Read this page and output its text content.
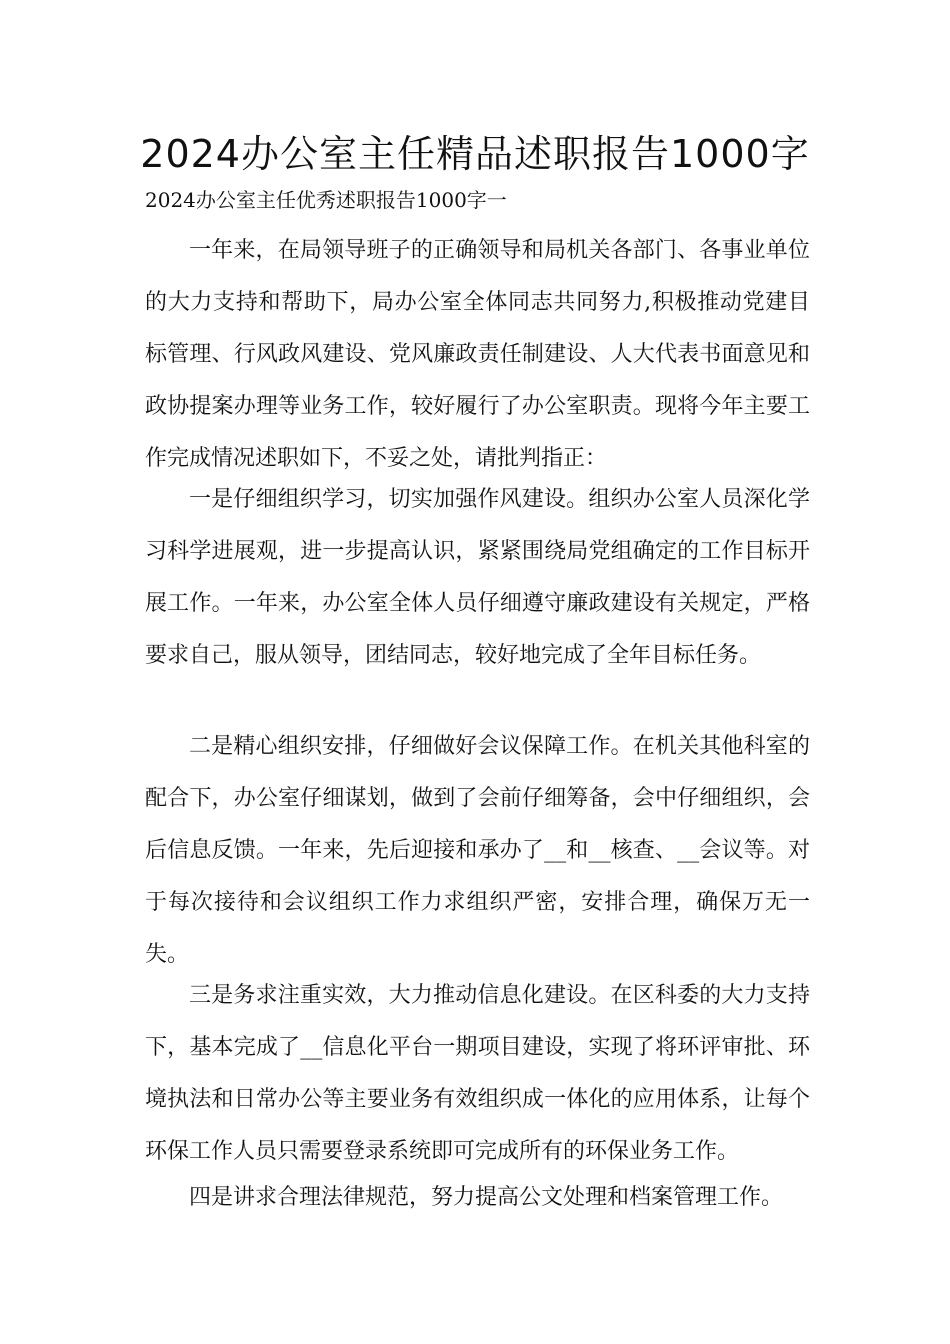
2024办公室主任精品述职报告1000字
2024办公室主任优秀述职报告1000字一

一年来，在局领导班子的正确领导和局机关各部门、各事业单位的大力支持和帮助下，局办公室全体同志共同努力,积极推动党建目标管理、行风政风建设、党风廉政责任制建设、人大代表书面意见和政协提案办理等业务工作，较好履行了办公室职责。现将今年主要工作完成情况述职如下，不妥之处，请批判指正：

一是仔细组织学习，切实加强作风建设。组织办公室人员深化学习科学进展观，进一步提高认识，紧紧围绕局党组确定的工作目标开展工作。一年来，办公室全体人员仔细遵守廉政建设有关规定，严格要求自己，服从领导，团结同志，较好地完成了全年目标任务。

二是精心组织安排，仔细做好会议保障工作。在机关其他科室的配合下，办公室仔细谋划，做到了会前仔细筹备，会中仔细组织，会后信息反馈。一年来，先后迎接和承办了__和__核查、__会议等。对于每次接待和会议组织工作力求组织严密，安排合理，确保万无一失。

三是务求注重实效，大力推动信息化建设。在区科委的大力支持下，基本完成了__信息化平台一期项目建设，实现了将环评审批、环境执法和日常办公等主要业务有效组织成一体化的应用体系，让每个环保工作人员只需要登录系统即可完成所有的环保业务工作。

四是讲求合理法律规范，努力提高公文处理和档案管理工作。
